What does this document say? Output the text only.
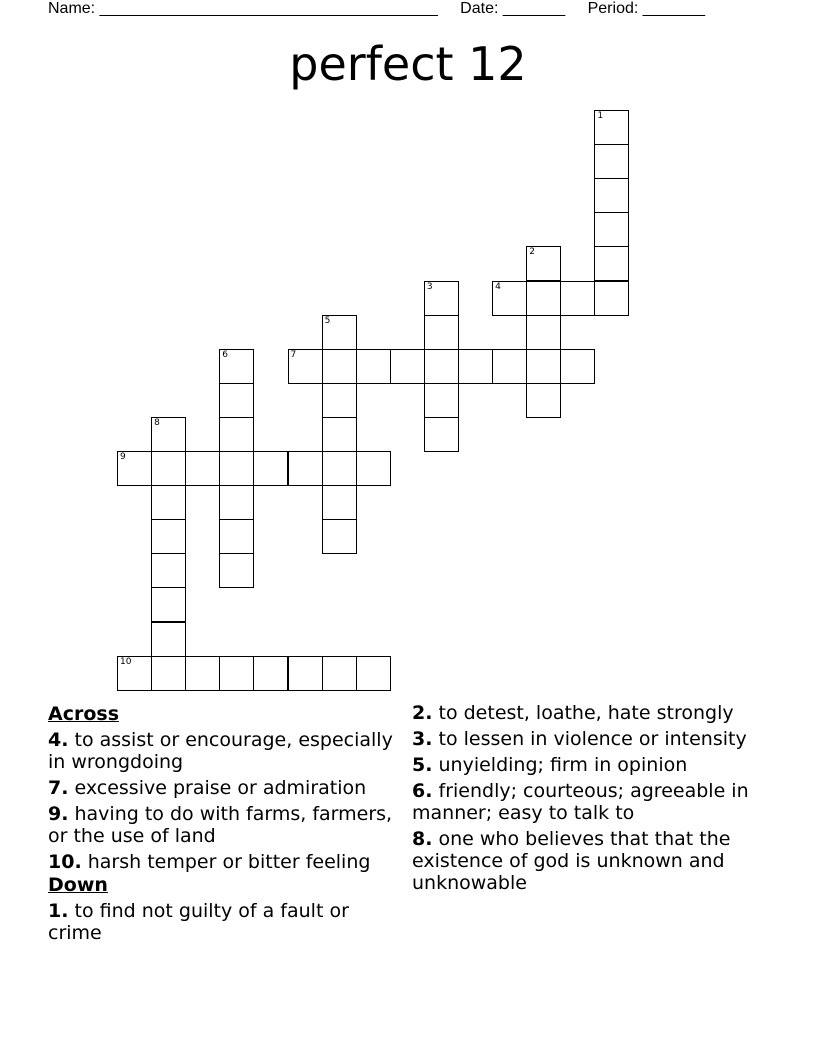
Name: ______________________________________ Date: _______ Period: _______
perfect 12
1
2
3	4
5
6	7
8
9
10
Across
4. to assist or encourage, especially in wrongdoing
7. excessive praise or admiration
9. having to do with farms, farmers, or the use of land
10. harsh temper or bitter feeling
Down
1. to find not guilty of a fault or crime
2. to detest, loathe, hate strongly
3. to lessen in violence or intensity
5. unyielding; firm in opinion
6. friendly; courteous; agreeable in manner; easy to talk to
8. one who believes that that the existence of god is unknown and unknowable
